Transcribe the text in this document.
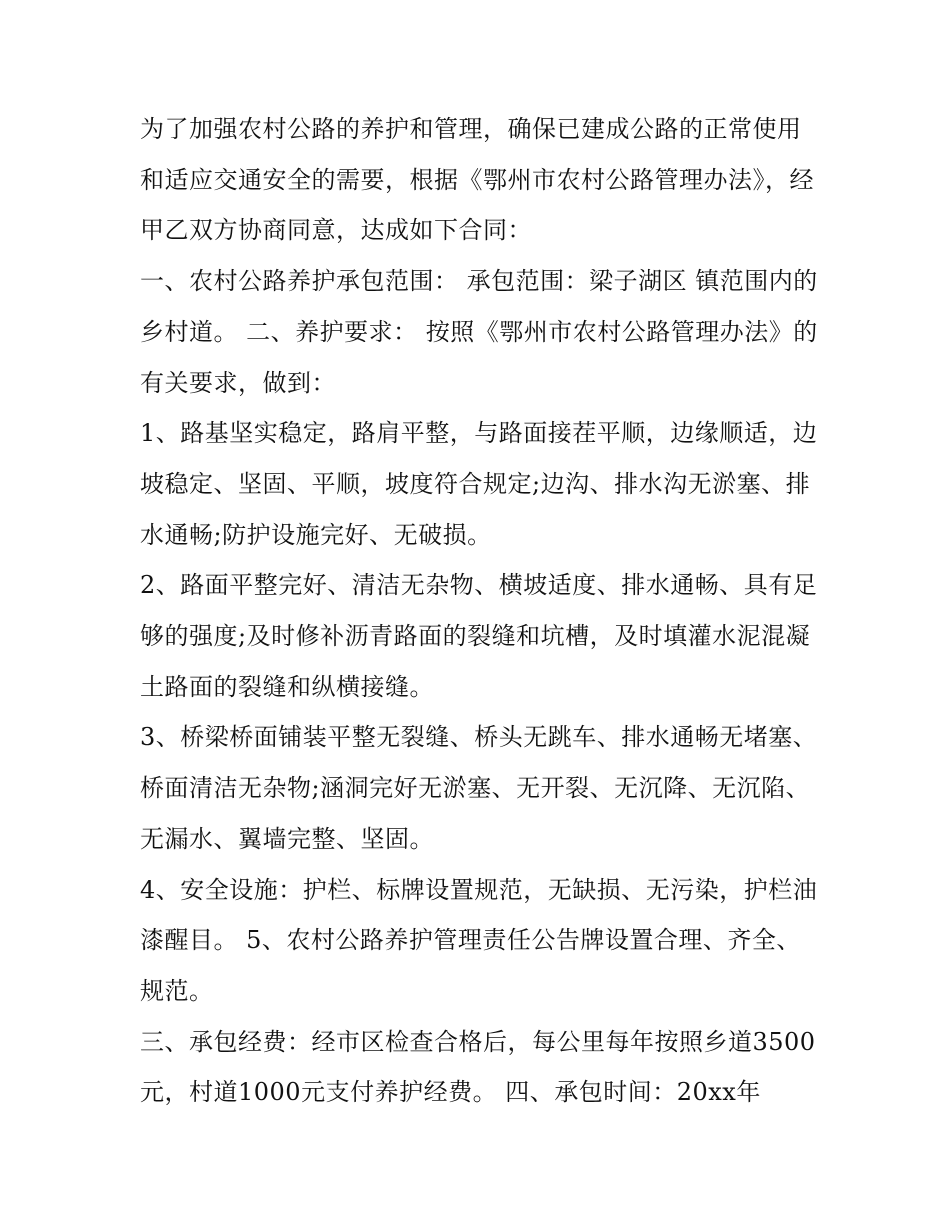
为了加强农村公路的养护和管理，确保已建成公路的正常使用和适应交通安全的需要，根据《鄂州市农村公路管理办法》，经甲乙双方协商同意，达成如下合同：

一、农村公路养护承包范围： 承包范围：梁子湖区 镇范围内的乡村道。 二、养护要求： 按照《鄂州市农村公路管理办法》的有关要求，做到：

1、路基坚实稳定，路肩平整，与路面接茬平顺，边缘顺适，边坡稳定、坚固、平顺，坡度符合规定;边沟、排水沟无淤塞、排水通畅;防护设施完好、无破损。

2、路面平整完好、清洁无杂物、横坡适度、排水通畅、具有足够的强度;及时修补沥青路面的裂缝和坑槽，及时填灌水泥混凝土路面的裂缝和纵横接缝。

3、桥梁桥面铺装平整无裂缝、桥头无跳车、排水通畅无堵塞、桥面清洁无杂物;涵洞完好无淤塞、无开裂、无沉降、无沉陷、无漏水、翼墙完整、坚固。

4、安全设施：护栏、标牌设置规范，无缺损、无污染，护栏油漆醒目。 5、农村公路养护管理责任公告牌设置合理、齐全、规范。

三、承包经费：经市区检查合格后，每公里每年按照乡道3500元，村道1000元支付养护经费。 四、承包时间：20xx年
